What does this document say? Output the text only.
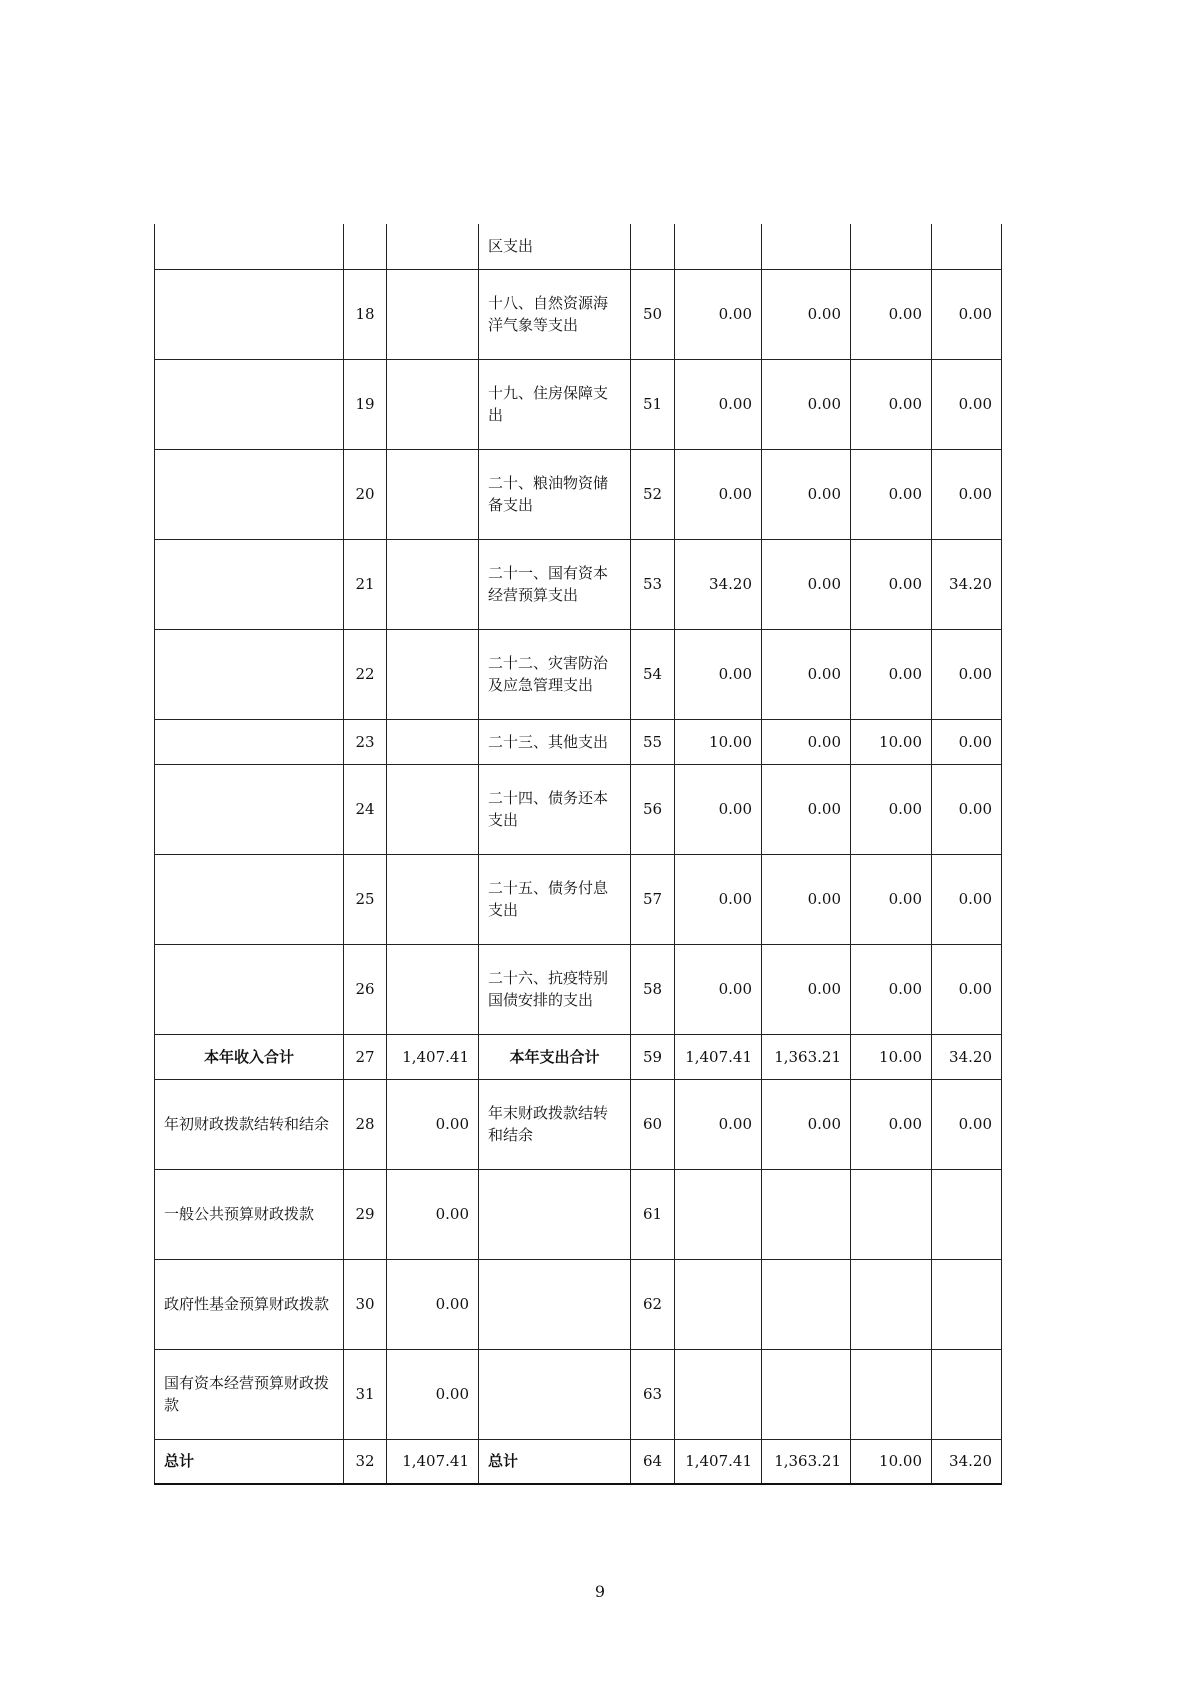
			区支出					
	18		十八、自然资源海洋气象等支出	50	0.00	0.00	0.00	0.00
	19		十九、住房保障支出	51	0.00	0.00	0.00	0.00
	20		二十、粮油物资储备支出	52	0.00	0.00	0.00	0.00
	21		二十一、国有资本经营预算支出	53	34.20	0.00	0.00	34.20
	22		二十二、灾害防治及应急管理支出	54	0.00	0.00	0.00	0.00
	23		二十三、其他支出	55	10.00	0.00	10.00	0.00
	24		二十四、债务还本支出	56	0.00	0.00	0.00	0.00
	25		二十五、债务付息支出	57	0.00	0.00	0.00	0.00
	26		二十六、抗疫特别国债安排的支出	58	0.00	0.00	0.00	0.00
本年收入合计	27	1,407.41	本年支出合计	59	1,407.41	1,363.21	10.00	34.20
年初财政拨款结转和结余	28	0.00	年末财政拨款结转和结余	60	0.00	0.00	0.00	0.00
一般公共预算财政拨款	29	0.00		61				
政府性基金预算财政拨款	30	0.00		62				
国有资本经营预算财政拨款	31	0.00		63				
总计	32	1,407.41	总计	64	1,407.41	1,363.21	10.00	34.20
9
